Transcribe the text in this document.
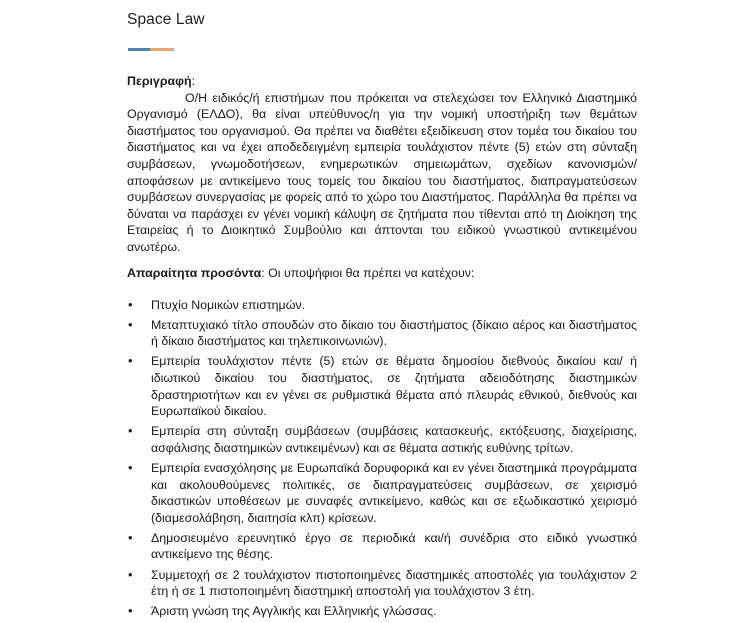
Space Law

Περιγραφή:

Ο/Η ειδικός/ή επιστήμων που πρόκειται να στελεχώσει τον Ελληνικό Διαστημικό Οργανισμό (ΕΛΔΟ), θα είναι υπεύθυνος/η για την νομική υποστήριξη των θεμάτων διαστήματος του οργανισμού. Θα πρέπει να διαθέτει εξειδίκευση στον τομέα του δικαίου του διαστήματος και να έχει αποδεδειγμένη εμπειρία τουλάχιστον πέντε (5) ετών στη σύνταξη συμβάσεων, γνωμοδοτήσεων, ενημερωτικών σημειωμάτων, σχεδίων κανονισμών/αποφάσεων με αντικείμενο τους τομείς του δικαίου του διαστήματος, διαπραγματεύσεων συμβάσεων συνεργασίας με φορείς από το χώρο του Διαστήματος. Παράλληλα θα πρέπει να δύναται να παράσχει εν γένει νομική κάλυψη σε ζητήματα που τίθενται από τη Διοίκηση της Εταιρείας ή το Διοικητικό Συμβούλιο και άπτονται του ειδικού γνωστικού αντικειμένου ανωτέρω.

Απαραίτητα προσόντα: Οι υποψήφιοι θα πρέπει να κατέχουν:

• Πτυχίο Νομικών επιστημών.
• Μεταπτυχιακό τίτλο σπουδών στο δίκαιο του διαστήματος (δίκαιο αέρος και διαστήματος ή δίκαιο διαστήματος και τηλεπικοινωνιών).
• Εμπειρία τουλάχιστον πέντε (5) ετών σε θέματα δημοσίου διεθνούς δικαίου και/ ή ιδιωτικού δικαίου του διαστήματος, σε ζητήματα αδειοδότησης διαστημικών δραστηριοτήτων και εν γένει σε ρυθμιστικά θέματα από πλευράς εθνικού, διεθνούς και Ευρωπαϊκού δικαίου.
• Εμπειρία στη σύνταξη συμβάσεων (συμβάσεις κατασκευής, εκτόξευσης, διαχείρισης, ασφάλισης διαστημικών αντικειμένων) και σε θέματα αστικής ευθύνης τρίτων.
• Εμπειρία ενασχόλησης με Ευρωπαϊκά δορυφορικά και εν γένει διαστημικά προγράμματα και ακολουθούμενες πολιτικές, σε διαπραγματεύσεις συμβάσεων, σε χειρισμό δικαστικών υποθέσεων με συναφές αντικείμενο, καθώς και σε εξωδικαστικό χειρισμό (διαμεσολάβηση, διαιτησία κλπ) κρίσεων.
• Δημοσιευμένο ερευνητικό έργο σε περιοδικά και/ή συνέδρια στο ειδικό γνωστικό αντικείμενο της θέσης.
• Συμμετοχή σε 2 τουλάχιστον πιστοποιημένες διαστημικές αποστολές για τουλάχιστον 2 έτη ή σε 1 πιστοποιημένη διαστημική αποστολή για τουλάχιστον 3 έτη.
• Άριστη γνώση της Αγγλικής και Ελληνικής γλώσσας.
